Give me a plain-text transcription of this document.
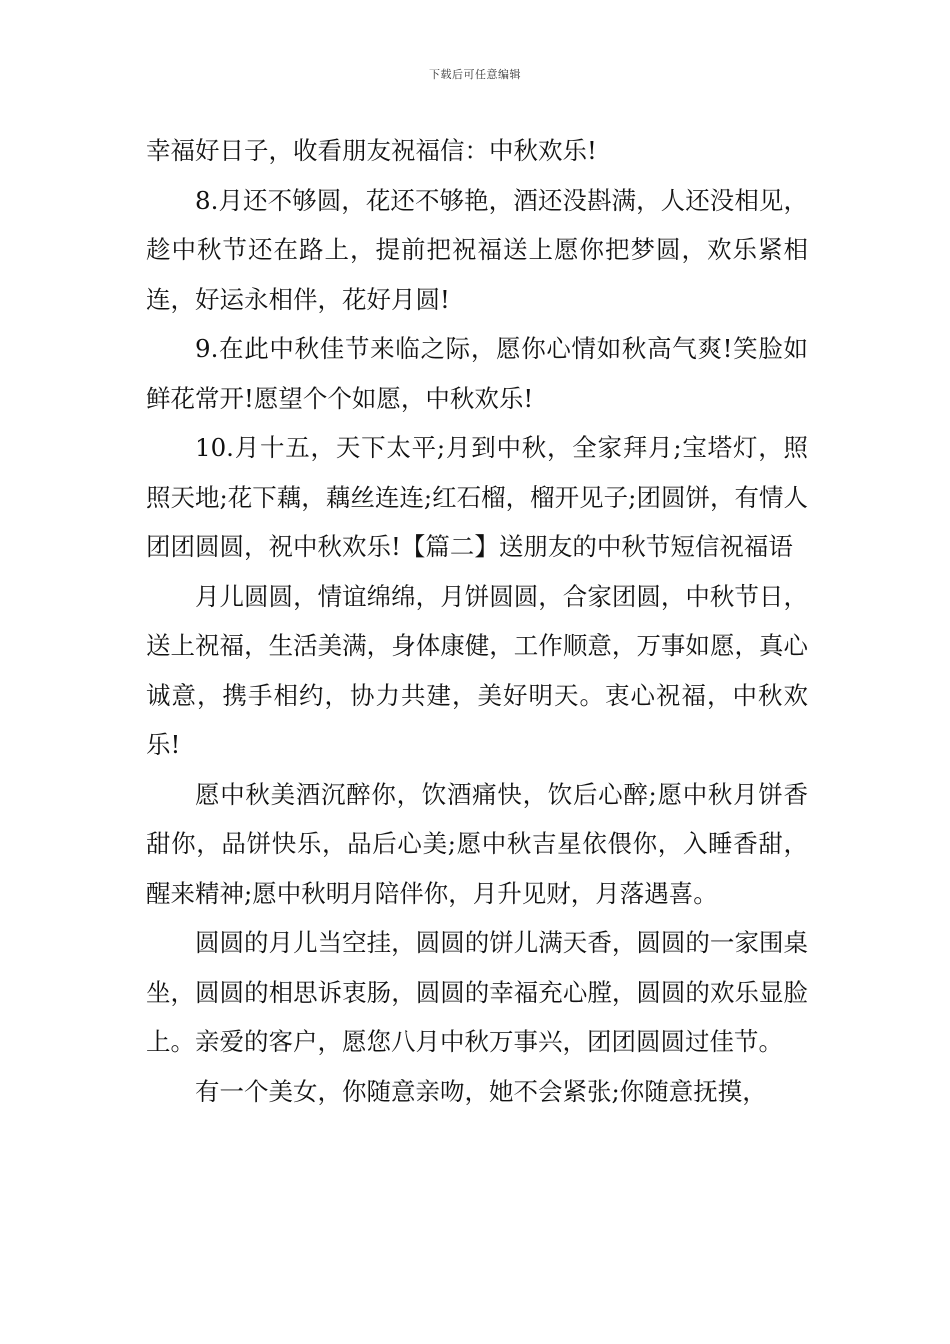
下载后可任意编辑

幸福好日子，收看朋友祝福信：中秋欢乐!

8.月还不够圆，花还不够艳，酒还没斟满，人还没相见，趁中秋节还在路上，提前把祝福送上愿你把梦圆，欢乐紧相连，好运永相伴，花好月圆!

9.在此中秋佳节来临之际，愿你心情如秋高气爽!笑脸如鲜花常开!愿望个个如愿，中秋欢乐!

10.月十五，天下太平;月到中秋，全家拜月;宝塔灯，照照天地;花下藕，藕丝连连;红石榴，榴开见子;团圆饼，有情人团团圆圆，祝中秋欢乐!【篇二】送朋友的中秋节短信祝福语

月儿圆圆，情谊绵绵，月饼圆圆，合家团圆，中秋节日，送上祝福，生活美满，身体康健，工作顺意，万事如愿，真心诚意，携手相约，协力共建，美好明天。衷心祝福，中秋欢乐!

愿中秋美酒沉醉你，饮酒痛快，饮后心醉;愿中秋月饼香甜你，品饼快乐，品后心美;愿中秋吉星依偎你，入睡香甜，醒来精神;愿中秋明月陪伴你，月升见财，月落遇喜。

圆圆的月儿当空挂，圆圆的饼儿满天香，圆圆的一家围桌坐，圆圆的相思诉衷肠，圆圆的幸福充心膛，圆圆的欢乐显脸上。亲爱的客户，愿您八月中秋万事兴，团团圆圆过佳节。

有一个美女，你随意亲吻，她不会紧张;你随意抚摸，
